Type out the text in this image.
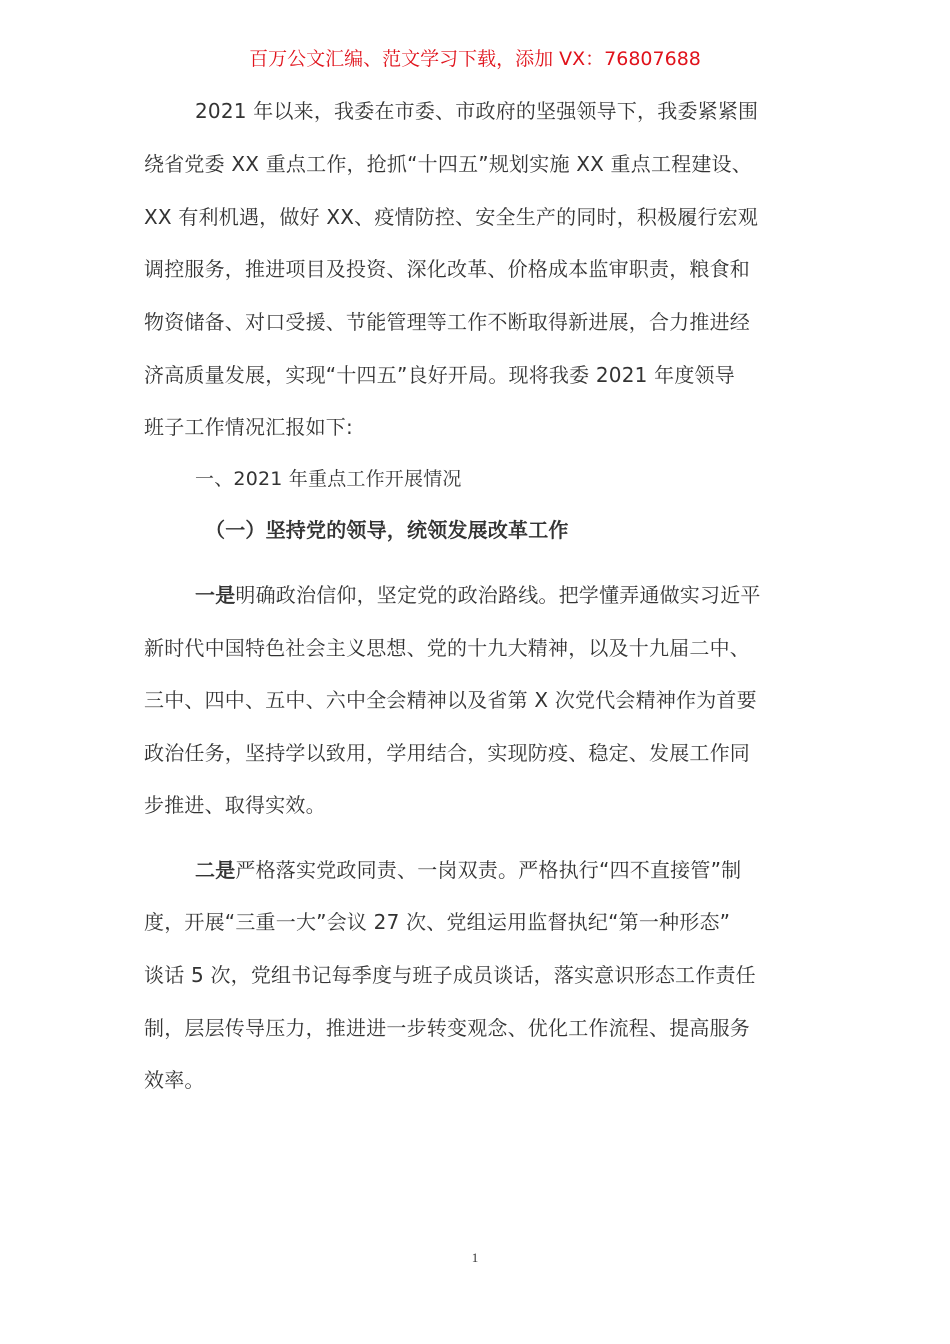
百万公文汇编、范文学习下载，添加 VX：76807688
2021 年以来，我委在市委、市政府的坚强领导下，我委紧紧围
绕省党委 XX 重点工作，抢抓“十四五”规划实施 XX 重点工程建设、
XX 有利机遇，做好 XX、疫情防控、安全生产的同时，积极履行宏观
调控服务，推进项目及投资、深化改革、价格成本监审职责，粮食和
物资储备、对口受援、节能管理等工作不断取得新进展，合力推进经
济高质量发展，实现“十四五”良好开局。现将我委 2021 年度领导
班子工作情况汇报如下:
一、2021 年重点工作开展情况
（一）坚持党的领导，统领发展改革工作
一是明确政治信仰，坚定党的政治路线。把学懂弄通做实习近平
新时代中国特色社会主义思想、党的十九大精神，以及十九届二中、
三中、四中、五中、六中全会精神以及省第 X 次党代会精神作为首要
政治任务，坚持学以致用，学用结合，实现防疫、稳定、发展工作同
步推进、取得实效。
二是严格落实党政同责、一岗双责。严格执行“四不直接管”制
度，开展“三重一大”会议 27 次、党组运用监督执纪“第一种形态”
谈话 5 次，党组书记每季度与班子成员谈话，落实意识形态工作责任
制，层层传导压力，推进进一步转变观念、优化工作流程、提高服务
效率。
1
